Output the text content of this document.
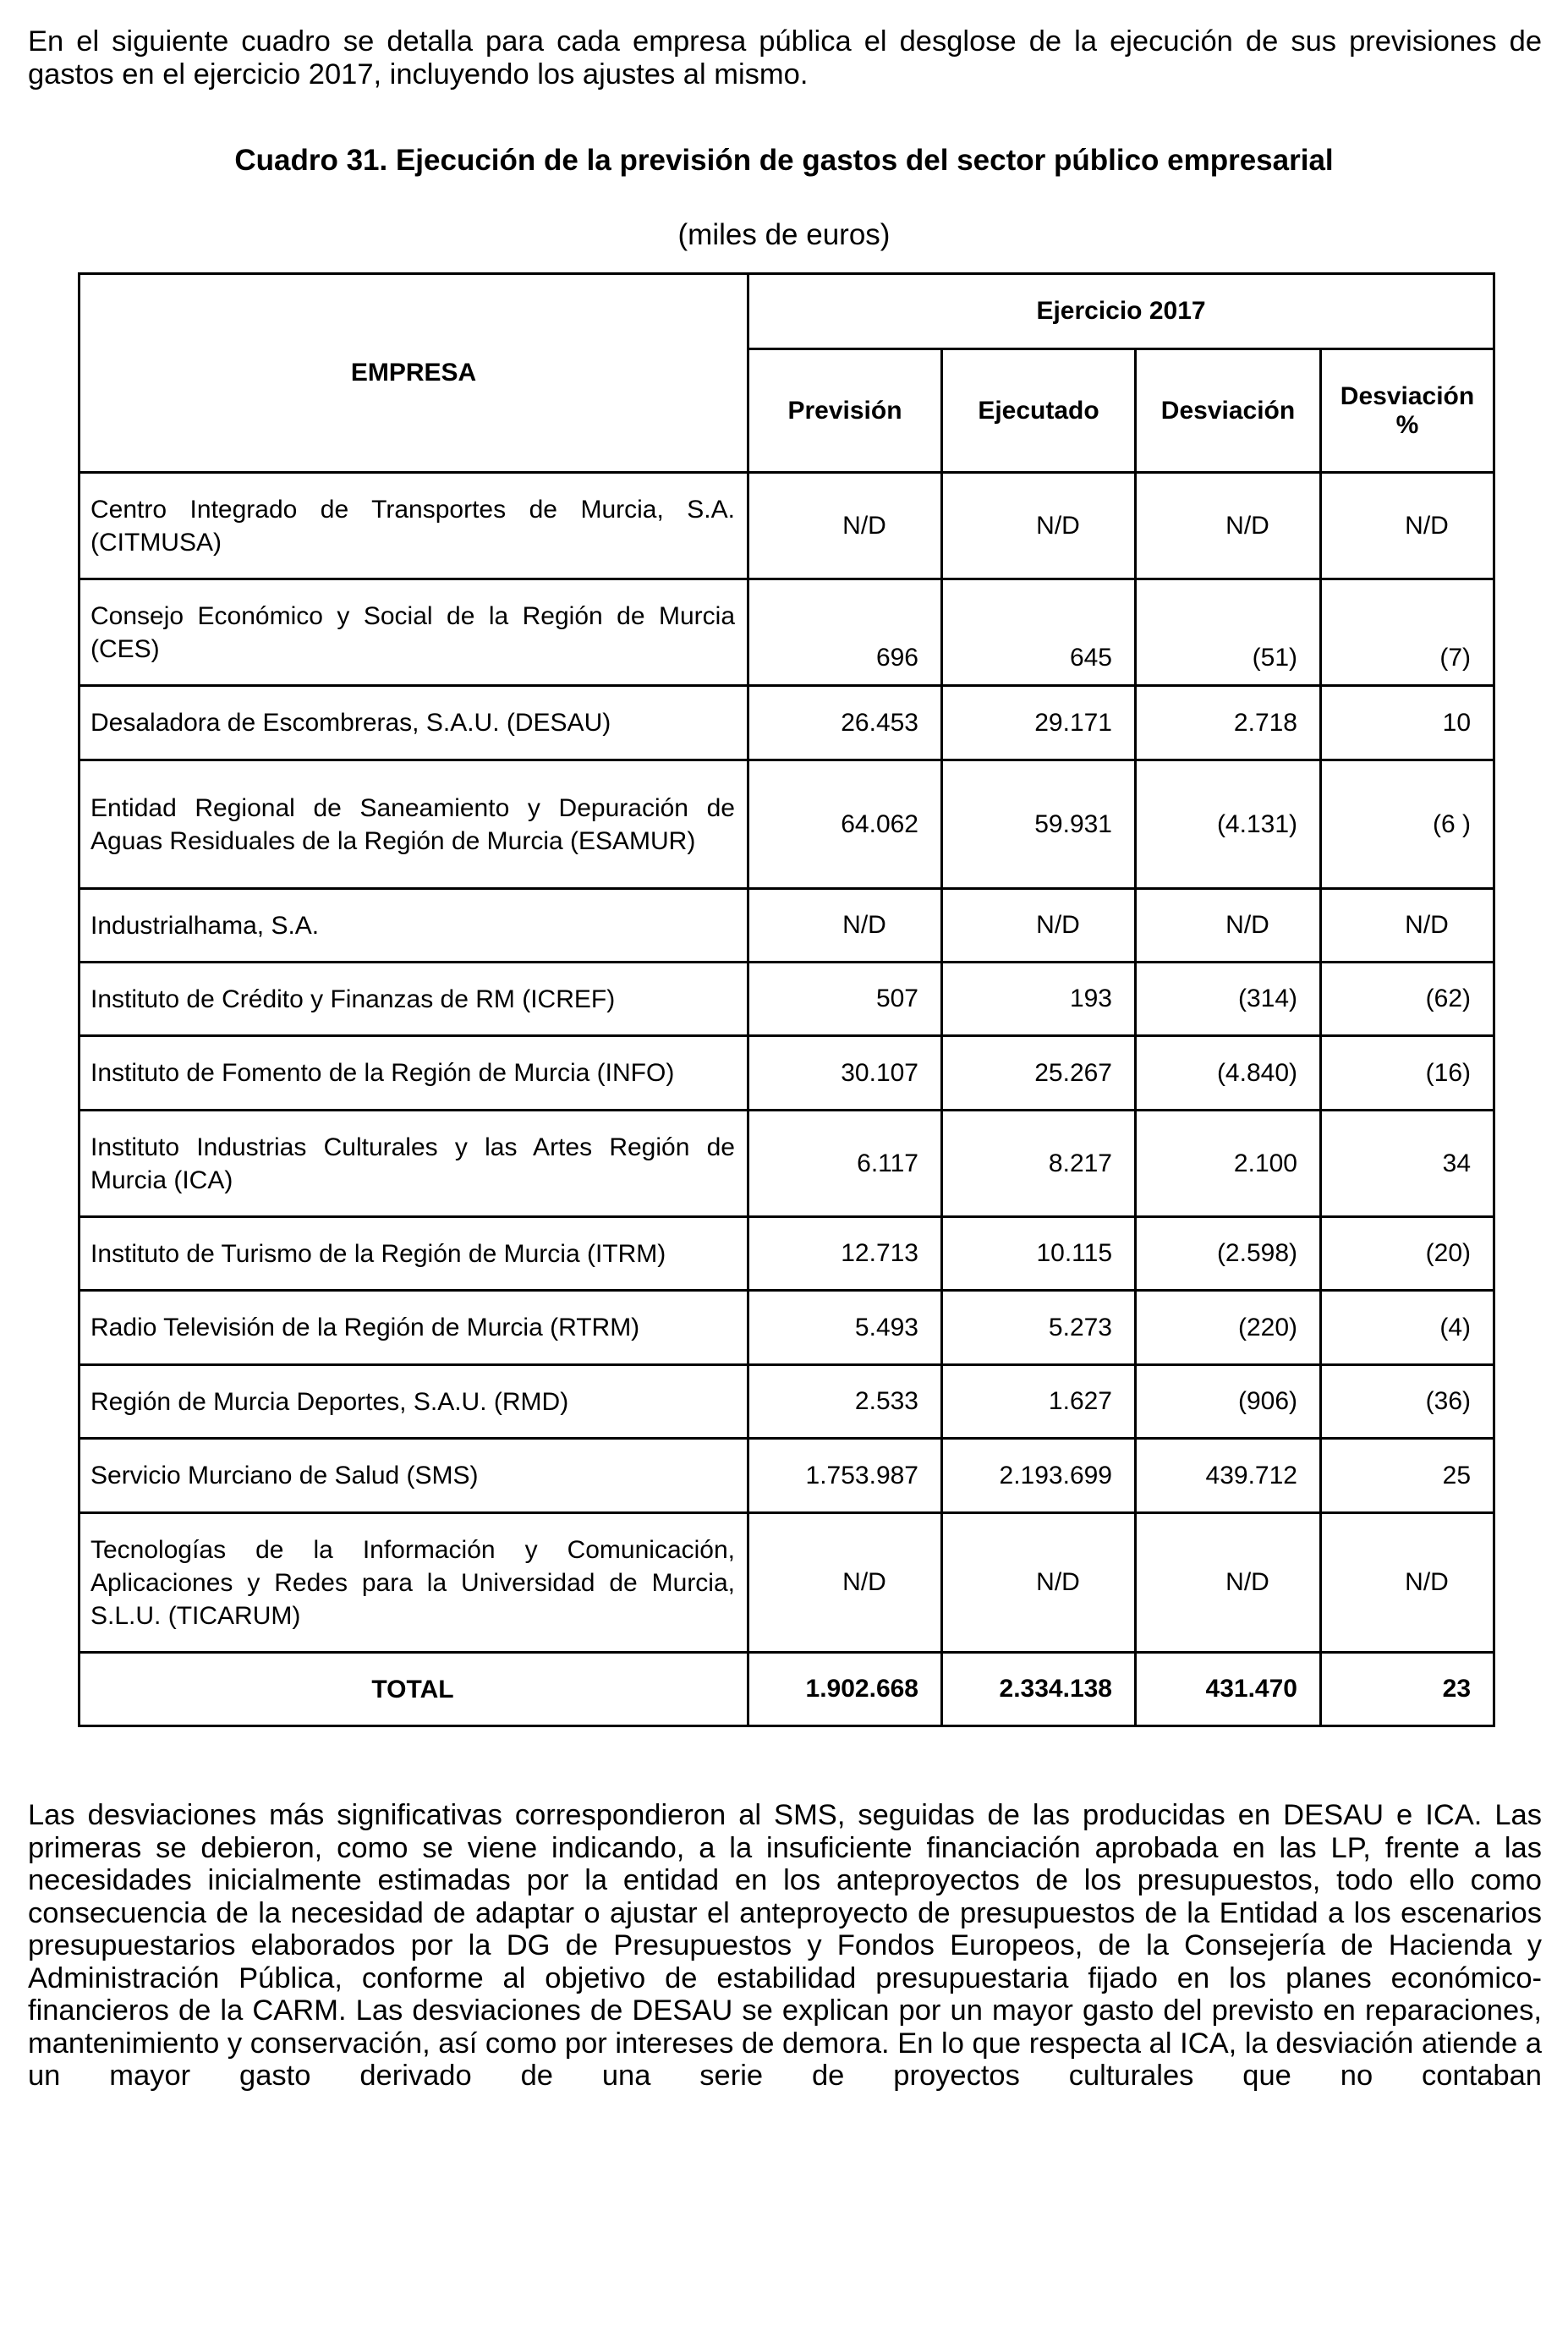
En el siguiente cuadro se detalla para cada empresa pública el desglose de la ejecución de sus previsiones de gastos en el ejercicio 2017, incluyendo los ajustes al mismo.

Cuadro 31. Ejecución de la previsión de gastos del sector público empresarial

(miles de euros)

EMPRESA	Ejercicio 2017			
	Previsión	Ejecutado	Desviación	Desviación %
Centro Integrado de Transportes de Murcia, S.A. (CITMUSA)	N/D	N/D	N/D	N/D
Consejo Económico y Social de la Región de Murcia (CES)	696	645	(51)	(7)
Desaladora de Escombreras, S.A.U. (DESAU)	26.453	29.171	2.718	10
Entidad Regional de Saneamiento y Depuración de Aguas Residuales de la Región de Murcia (ESAMUR)	64.062	59.931	(4.131)	(6 )
Industrialhama, S.A.	N/D	N/D	N/D	N/D
Instituto de Crédito y Finanzas de RM (ICREF)	507	193	(314)	(62)
Instituto de Fomento de la Región de Murcia (INFO)	30.107	25.267	(4.840)	(16)
Instituto Industrias Culturales y las Artes Región de Murcia (ICA)	6.117	8.217	2.100	34
Instituto de Turismo de la Región de Murcia (ITRM)	12.713	10.115	(2.598)	(20)
Radio Televisión de la Región de Murcia (RTRM)	5.493	5.273	(220)	(4)
Región de Murcia Deportes, S.A.U. (RMD)	2.533	1.627	(906)	(36)
Servicio Murciano de Salud (SMS)	1.753.987	2.193.699	439.712	25
Tecnologías de la Información y Comunicación, Aplicaciones y Redes para la Universidad de Murcia, S.L.U. (TICARUM)	N/D	N/D	N/D	N/D
TOTAL	1.902.668	2.334.138	431.470	23

Las desviaciones más significativas correspondieron al SMS, seguidas de las producidas en DESAU e ICA. Las primeras se debieron, como se viene indicando, a la insuficiente financiación aprobada en las LP, frente a las necesidades inicialmente estimadas por la entidad en los anteproyectos de los presupuestos, todo ello como consecuencia de la necesidad de adaptar o ajustar el anteproyecto de presupuestos de la Entidad a los escenarios presupuestarios elaborados por la DG de Presupuestos y Fondos Europeos, de la Consejería de Hacienda y Administración Pública, conforme al objetivo de estabilidad presupuestaria fijado en los planes económico-financieros de la CARM. Las desviaciones de DESAU se explican por un mayor gasto del previsto en reparaciones, mantenimiento y conservación, así como por intereses de demora. En lo que respecta al ICA, la desviación atiende a un mayor gasto derivado de una serie de proyectos culturales que no contaban
